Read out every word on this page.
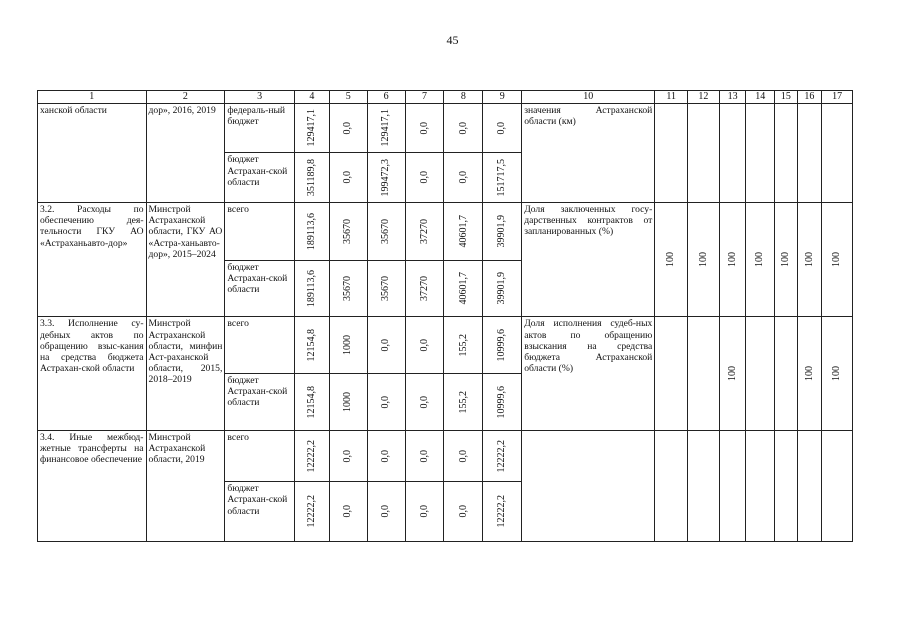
45
1	2	3	4	5	6	7	8	9	10	11	12	13	14	15	16	17
ханской области	дор», 2016, 2019	федераль-ный бюджет	129417,1	0,0	129417,1	0,0	0,0	0,0	значения Астраханской области (км)	

		бюджет Астрахан-ской области	351189,8	0,0	199472,3	0,0	0,0	151717,5								

3.2. Расходы по обеспечению дея-тельности ГКУ АО «Астраханьавто-дор»	Минстрой Астраханской области, ГКУ АО «Астра-ханьавто-дор», 2015–2024	всего	189113,6	35670	35670	37270	40601,7	39901,9	Доля заключенных госу-дарственных контрактов от запланированных (%)	100	100	100	100	100	100	100

		бюджет Астрахан-ской области	189113,6	35670	35670	37270	40601,7	39901,9								

3.3. Исполнение су-дебных актов по обращению взыс-кания на средства бюджета Астрахан-ской области	Минстрой Астраханской области, минфин Аст-раханской области, 2015, 2018–2019	всего	12154,8	1000	0,0	0,0	155,2	10999,6	Доля исполнения судеб-ных актов по обращению взыскания на средства бюджета Астраханской области (%)			100			100	100

		бюджет Астрахан-ской области	12154,8	1000	0,0	0,0	155,2	10999,6								

3.4. Иные межбюд-жетные трансферты на финансовое обеспечение	Минстрой Астраханской области, 2019	всего	12222,2	0,0	0,0	0,0	0,0	12222,2								

		бюджет Астрахан-ской области	12222,2	0,0	0,0	0,0	0,0	12222,2								
